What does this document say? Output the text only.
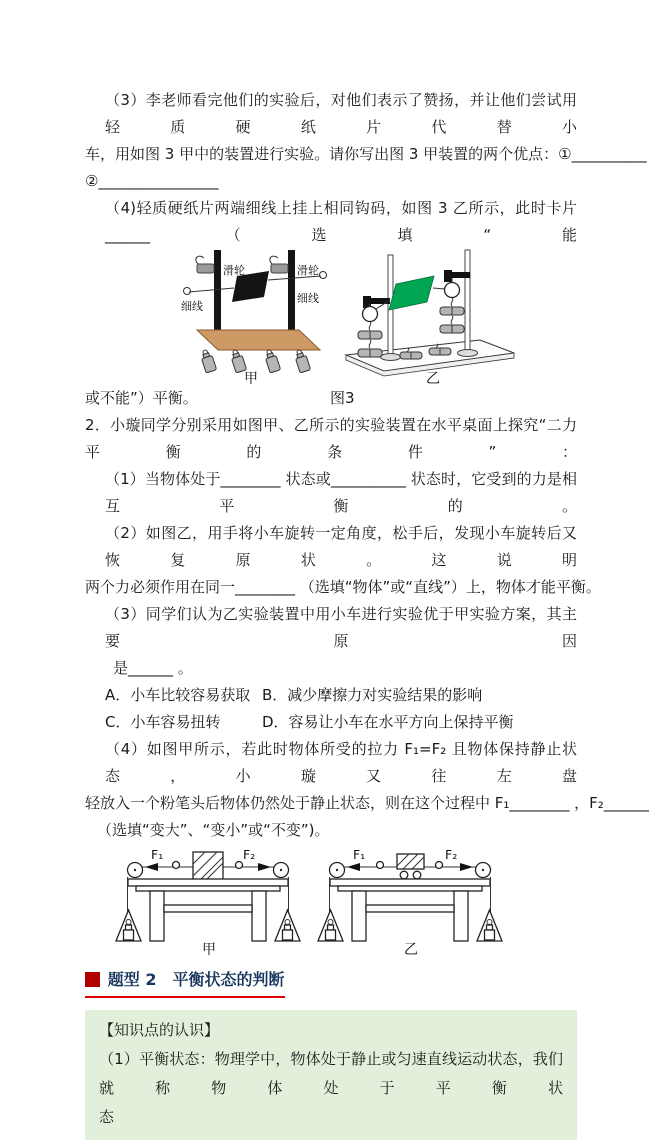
（3）李老师看完他们的实验后，对他们表示了赞扬，并让他们尝试用轻质硬纸片代替小
车，用如图 3 甲中的装置进行实验。请你写出图 3 甲装置的两个优点：①__________
②________________
（4)轻质硬纸片两端细线上挂上相同钩码，如图 3 乙所示，此时卡片 ______ （选填“能
滑轮	滑轮
细线
细线
甲	乙
或不能”）平衡。	图3
2．小璇同学分别采用如图甲、乙所示的实验装置在水平桌面上探究“二力平衡的条件”：
（1）当物体处于________ 状态或__________ 状态时，它受到的力是相互平衡的。
（2）如图乙，用手将小车旋转一定角度，松手后，发现小车旋转后又恢复原状。这说明
两个力必须作用在同一________ （选填“物体”或“直线”）上，物体才能平衡。
（3）同学们认为乙实验装置中用小车进行实验优于甲实验方案，其主要原因
是______ 。
A．小车比较容易获取 B．减少摩擦力对实验结果的影响
C．小车容易扭转	D．容易让小车在水平方向上保持平衡
（4）如图甲所示，若此时物体所受的拉力 F₁=F₂ 且物体保持静止状态，小璇又往左盘
轻放入一个粉笔头后物体仍然处于静止状态，则在这个过程中 F₁________ ，F₂______
（选填“变大”、“变小”或“不变”)。
F₁	F₂
甲
F₁	F₂
乙
题型 2　平衡状态的判断
【知识点的认识】
（1）平衡状态：物理学中，物体处于静止或匀速直线运动状态，我们就称物体处于平衡状
态
